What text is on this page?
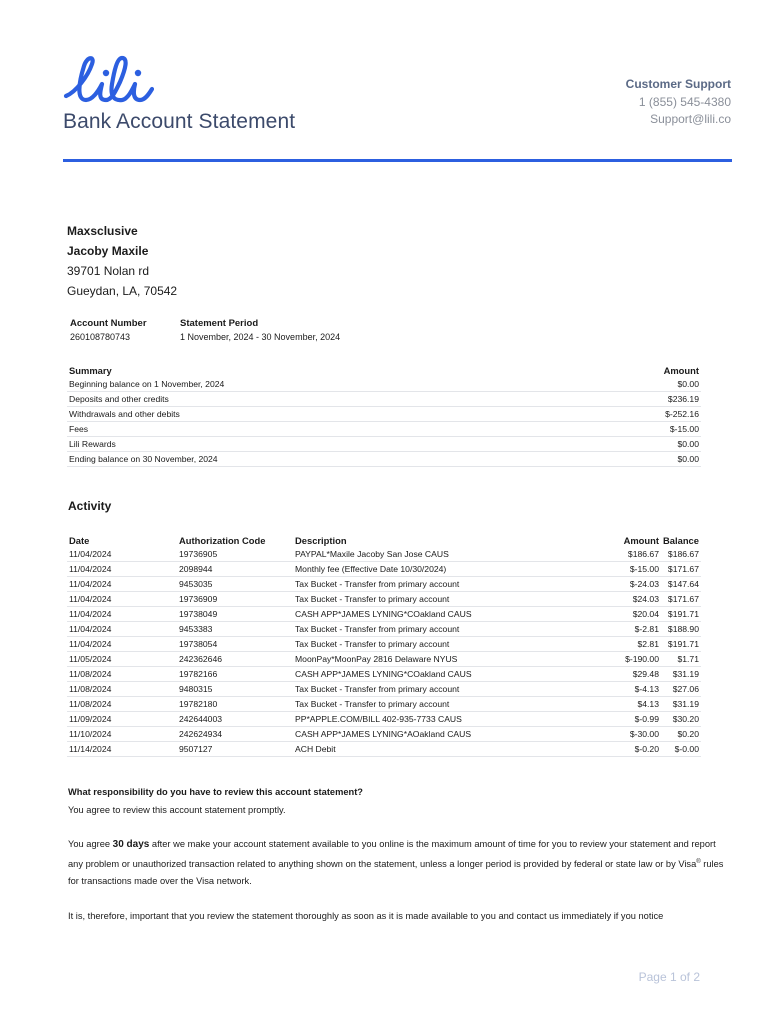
Bank Account Statement
Customer Support
1 (855) 545-4380
Support@lili.co
Maxsclusive
Jacoby Maxile
39701 Nolan rd
Gueydan, LA, 70542
Account Number
260108780743
Statement Period
1 November, 2024 - 30 November, 2024
Summary	Amount
Beginning balance on 1 November, 2024	$0.00
Deposits and other credits	$236.19
Withdrawals and other debits	$-252.16
Fees	$-15.00
Lili Rewards	$0.00
Ending balance on 30 November, 2024	$0.00
Activity
Date	Authorization Code	Description	Amount	Balance
11/04/2024	19736905	PAYPAL*Maxile Jacoby San Jose CAUS	$186.67	$186.67
11/04/2024	2098944	Monthly fee (Effective Date 10/30/2024)	$-15.00	$171.67
11/04/2024	9453035	Tax Bucket - Transfer from primary account	$-24.03	$147.64
11/04/2024	19736909	Tax Bucket - Transfer to primary account	$24.03	$171.67
11/04/2024	19738049	CASH APP*JAMES LYNING*COakland CAUS	$20.04	$191.71
11/04/2024	9453383	Tax Bucket - Transfer from primary account	$-2.81	$188.90
11/04/2024	19738054	Tax Bucket - Transfer to primary account	$2.81	$191.71
11/05/2024	242362646	MoonPay*MoonPay 2816 Delaware NYUS	$-190.00	$1.71
11/08/2024	19782166	CASH APP*JAMES LYNING*COakland CAUS	$29.48	$31.19
11/08/2024	9480315	Tax Bucket - Transfer from primary account	$-4.13	$27.06
11/08/2024	19782180	Tax Bucket - Transfer to primary account	$4.13	$31.19
11/09/2024	242644003	PP*APPLE.COM/BILL 402-935-7733 CAUS	$-0.99	$30.20
11/10/2024	242624934	CASH APP*JAMES LYNING*AOakland CAUS	$-30.00	$0.20
11/14/2024	9507127	ACH Debit	$-0.20	$-0.00

What responsibility do you have to review this account statement?

You agree to review this account statement promptly.

You agree 30 days after we make your account statement available to you online is the maximum amount of time for you to review your statement and report any problem or unauthorized transaction related to anything shown on the statement, unless a longer period is provided by federal or state law or by Visa® rules for transactions made over the Visa network.

It is, therefore, important that you review the statement thoroughly as soon as it is made available to you and contact us immediately if you notice

Page 1 of 2
